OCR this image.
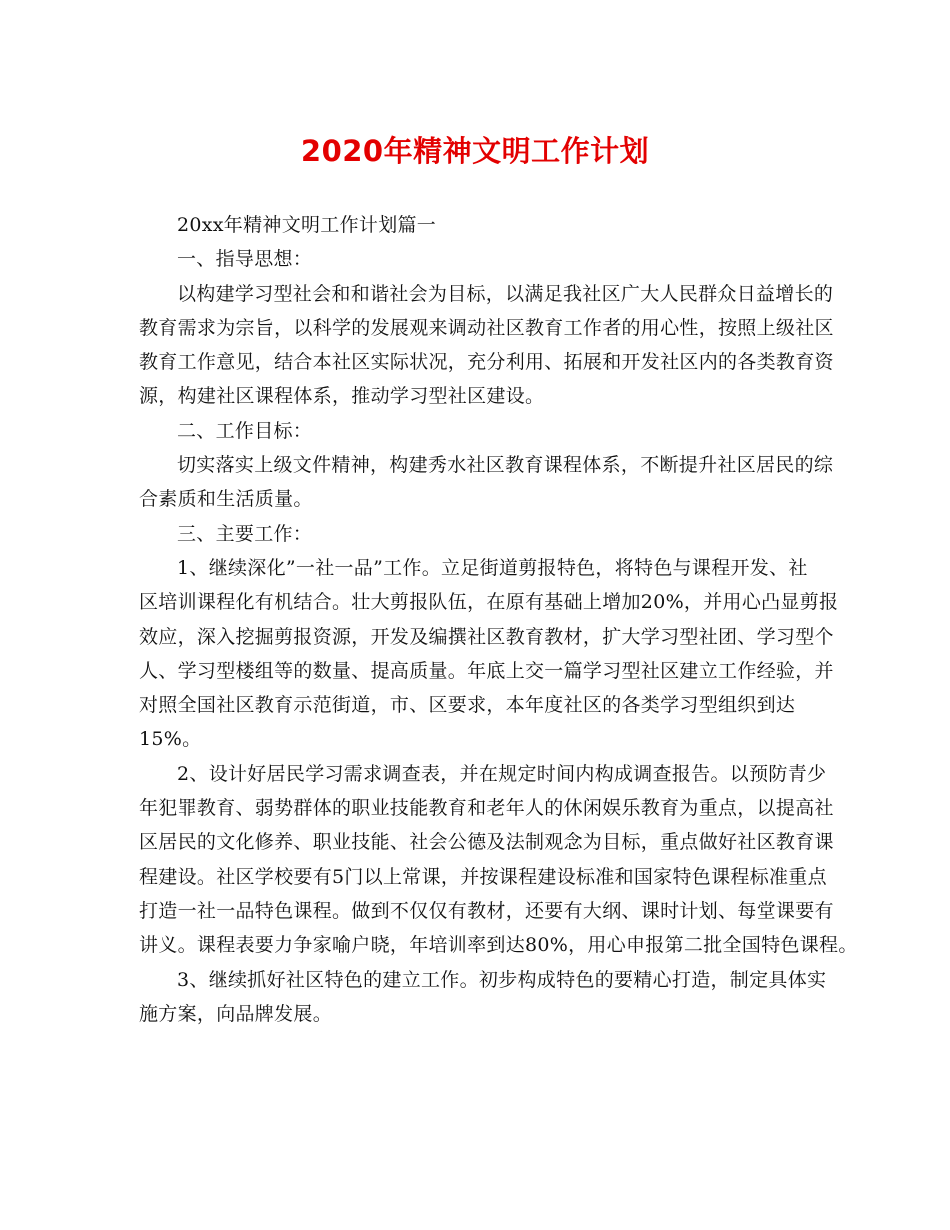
2020年精神文明工作计划

20xx年精神文明工作计划篇一

一、指导思想：

以构建学习型社会和和谐社会为目标，以满足我社区广大人民群众日益增长的

教育需求为宗旨，以科学的发展观来调动社区教育工作者的用心性，按照上级社区

教育工作意见，结合本社区实际状况，充分利用、拓展和开发社区内的各类教育资

源，构建社区课程体系，推动学习型社区建设。

二、工作目标：

切实落实上级文件精神，构建秀水社区教育课程体系，不断提升社区居民的综

合素质和生活质量。

三、主要工作：

1、继续深化”一社一品”工作。立足街道剪报特色，将特色与课程开发、社

区培训课程化有机结合。壮大剪报队伍，在原有基础上增加20%，并用心凸显剪报

效应，深入挖掘剪报资源，开发及编撰社区教育教材，扩大学习型社团、学习型个

人、学习型楼组等的数量、提高质量。年底上交一篇学习型社区建立工作经验，并

对照全国社区教育示范街道，市、区要求，本年度社区的各类学习型组织到达

15%。

2、设计好居民学习需求调查表，并在规定时间内构成调查报告。以预防青少

年犯罪教育、弱势群体的职业技能教育和老年人的休闲娱乐教育为重点，以提高社

区居民的文化修养、职业技能、社会公德及法制观念为目标，重点做好社区教育课

程建设。社区学校要有5门以上常课，并按课程建设标准和国家特色课程标准重点

打造一社一品特色课程。做到不仅仅有教材，还要有大纲、课时计划、每堂课要有

讲义。课程表要力争家喻户晓，年培训率到达80%，用心申报第二批全国特色课程。

3、继续抓好社区特色的建立工作。初步构成特色的要精心打造，制定具体实

施方案，向品牌发展。
